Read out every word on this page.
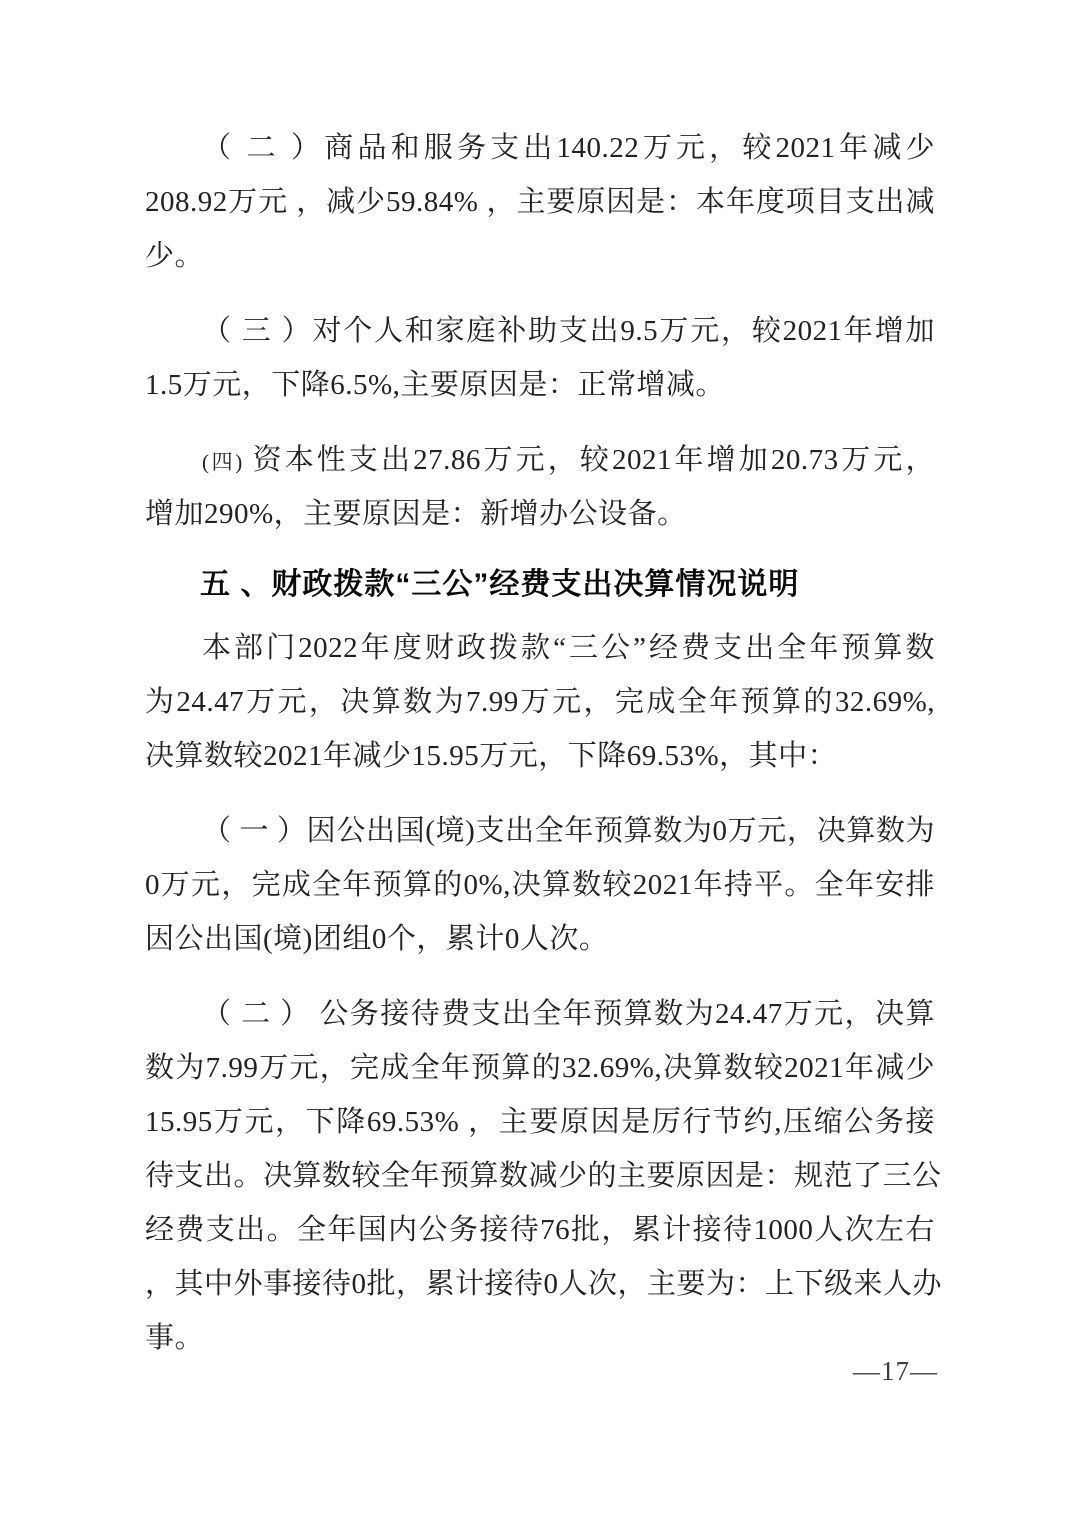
（ 二 ）商品和服务支出140.22万元，较2021年减少
208.92万元 ，减少59.84% ，主要原因是：本年度项目支出减
少。
（ 三 ）对个人和家庭补助支出9.5万元，较2021年增加
1.5万元，下降6.5%,主要原因是：正常增减。
(四) 资本性支出27.86万元，较2021年增加20.73万元，
增加290%，主要原因是：新增办公设备。
五 、财政拨款“三公”经费支出决算情况说明
本部门2022年度财政拨款“三公”经费支出全年预算数
为24.47万元，决算数为7.99万元，完成全年预算的32.69%,
决算数较2021年减少15.95万元，下降69.53%，其中：
（ 一 ）因公出国(境)支出全年预算数为0万元，决算数为
0万元，完成全年预算的0%,决算数较2021年持平。全年安排
因公出国(境)团组0个，累计0人次。
（ 二 ） 公务接待费支出全年预算数为24.47万元，决算
数为7.99万元，完成全年预算的32.69%,决算数较2021年减少
15.95万元，下降69.53% ，主要原因是厉行节约,压缩公务接
待支出。决算数较全年预算数减少的主要原因是：规范了三公
经费支出。全年国内公务接待76批，累计接待1000人次左右
，其中外事接待0批，累计接待0人次，主要为：上下级来人办
事。
—17—
